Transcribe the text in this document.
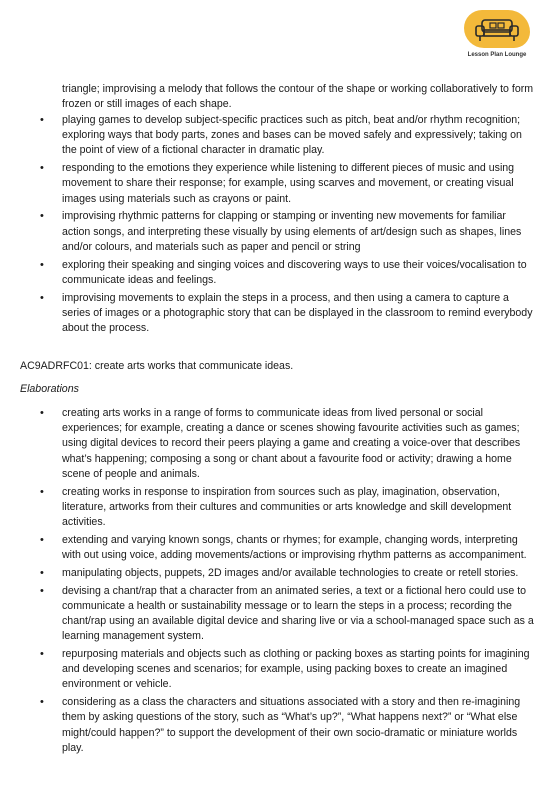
Lesson Plan Lounge
triangle; improvising a melody that follows the contour of the shape or working collaboratively to form frozen or still images of each shape.
• playing games to develop subject-specific practices such as pitch, beat and/or rhythm recognition; exploring ways that body parts, zones and bases can be moved safely and expressively; taking on the point of view of a fictional character in dramatic play.
• responding to the emotions they experience while listening to different pieces of music and using movement to share their response; for example, using scarves and movement, or creating visual images using materials such as crayons or paint.
• improvising rhythmic patterns for clapping or stamping or inventing new movements for familiar action songs, and interpreting these visually by using elements of art/design such as shapes, lines and/or colours, and materials such as paper and pencil or string
• exploring their speaking and singing voices and discovering ways to use their voices/vocalisation to communicate ideas and feelings.
• improvising movements to explain the steps in a process, and then using a camera to capture a series of images or a photographic story that can be displayed in the classroom to remind everybody about the process.
AC9ADRFC01: create arts works that communicate ideas.
Elaborations
• creating arts works in a range of forms to communicate ideas from lived personal or social experiences; for example, creating a dance or scenes showing favourite activities such as games; using digital devices to record their peers playing a game and creating a voice-over that describes what’s happening; composing a song or chant about a favourite food or activity; drawing a home scene of people and animals.
• creating works in response to inspiration from sources such as play, imagination, observation, literature, artworks from their cultures and communities or arts knowledge and skill development activities.
• extending and varying known songs, chants or rhymes; for example, changing words, interpreting with out using voice, adding movements/actions or improvising rhythm patterns as accompaniment.
• manipulating objects, puppets, 2D images and/or available technologies to create or retell stories.
• devising a chant/rap that a character from an animated series, a text or a fictional hero could use to communicate a health or sustainability message or to learn the steps in a process; recording the chant/rap using an available digital device and sharing live or via a school-managed space such as a learning management system.
• repurposing materials and objects such as clothing or packing boxes as starting points for imagining and developing scenes and scenarios; for example, using packing boxes to create an imagined environment or vehicle.
• considering as a class the characters and situations associated with a story and then re-imagining them by asking questions of the story, such as “What’s up?”, “What happens next?” or “What else might/could happen?” to support the development of their own socio-dramatic or miniature worlds play.
